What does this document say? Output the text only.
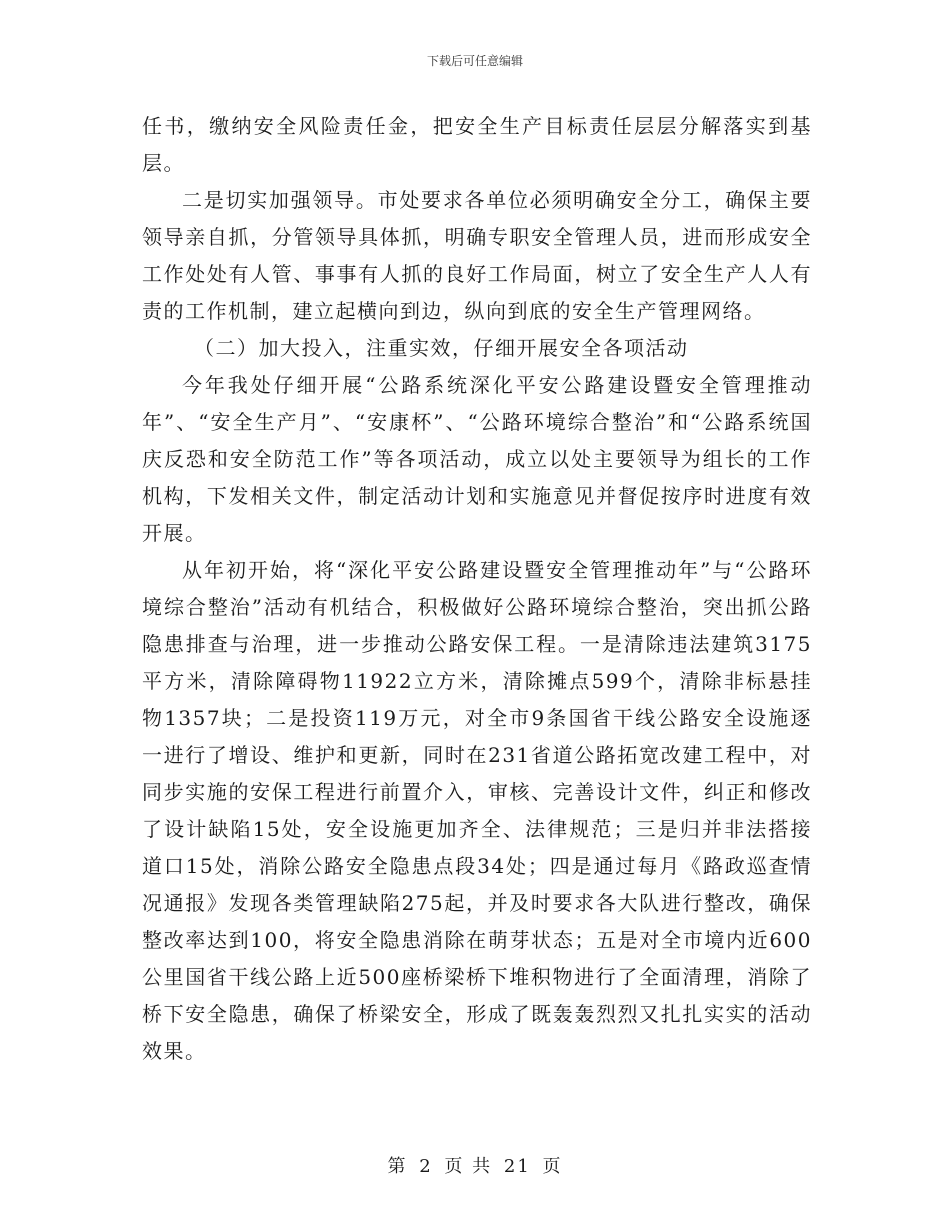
下载后可任意编辑

任书，缴纳安全风险责任金，把安全生产目标责任层层分解落实到基层。

二是切实加强领导。市处要求各单位必须明确安全分工，确保主要领导亲自抓，分管领导具体抓，明确专职安全管理人员，进而形成安全工作处处有人管、事事有人抓的良好工作局面，树立了安全生产人人有责的工作机制，建立起横向到边，纵向到底的安全生产管理网络。

（二）加大投入，注重实效，仔细开展安全各项活动

今年我处仔细开展“公路系统深化平安公路建设暨安全管理推动年”、“安全生产月”、“安康杯”、“公路环境综合整治”和“公路系统国庆反恐和安全防范工作”等各项活动，成立以处主要领导为组长的工作机构，下发相关文件，制定活动计划和实施意见并督促按序时进度有效开展。

从年初开始，将“深化平安公路建设暨安全管理推动年”与“公路环境综合整治”活动有机结合，积极做好公路环境综合整治，突出抓公路隐患排查与治理，进一步推动公路安保工程。一是清除违法建筑3175平方米，清除障碍物11922立方米，清除摊点599个，清除非标悬挂物1357块；二是投资119万元，对全市9条国省干线公路安全设施逐一进行了增设、维护和更新，同时在231省道公路拓宽改建工程中，对同步实施的安保工程进行前置介入，审核、完善设计文件，纠正和修改了设计缺陷15处，安全设施更加齐全、法律规范；三是归并非法搭接道口15处，消除公路安全隐患点段34处；四是通过每月《路政巡查情况通报》发现各类管理缺陷275起，并及时要求各大队进行整改，确保整改率达到100，将安全隐患消除在萌芽状态；五是对全市境内近600公里国省干线公路上近500座桥梁桥下堆积物进行了全面清理，消除了桥下安全隐患，确保了桥梁安全，形成了既轰轰烈烈又扎扎实实的活动效果。

第 2 页 共 21 页
